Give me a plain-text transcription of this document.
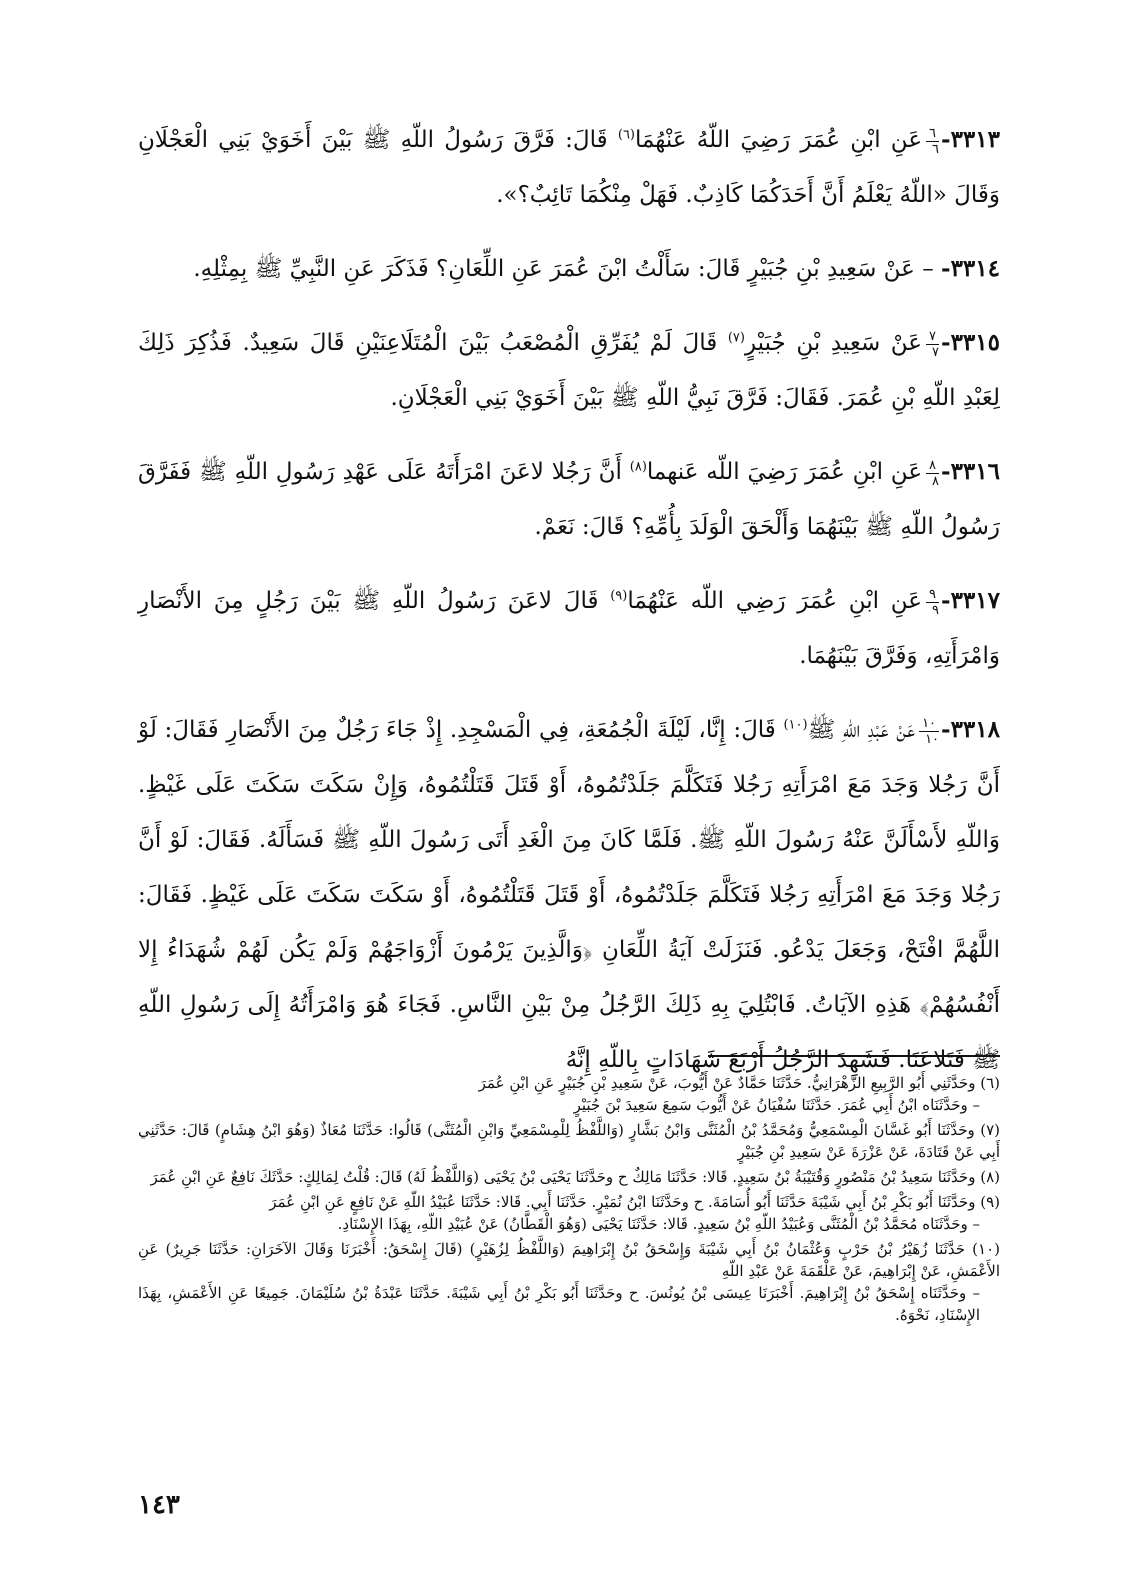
٣٣١٣-
$\frac{٦}{٦}$
عَنِ ابْنِ عُمَرَ رَضِيَ اللّهُ عَنْهُمَا$^{(٦)}$ قَالَ: فَرَّقَ رَسُولُ اللّهِ ﷺ بَيْنَ أَخَوَيْ بَنِي الْعَجْلَانِ وَقَالَ «اللّهُ يَعْلَمُ أَنَّ أَحَدَكُمَا كَاذِبٌ. فَهَلْ مِنْكُمَا تَائِبٌ؟».

٣٣١٤- – عَنْ سَعِيدِ بْنِ جُبَيْرٍ قَالَ: سَأَلْتُ ابْنَ عُمَرَ عَنِ اللِّعَانِ؟ فَذَكَرَ عَنِ النَّبِيِّ ﷺ بِمِثْلِهِ.

٣٣١٥-
$\frac{٧}{٧}$
عَنْ سَعِيدِ بْنِ جُبَيْرٍ$^{(٧)}$ قَالَ لَمْ يُفَرِّقِ الْمُصْعَبُ بَيْنَ الْمُتَلَاعِنَيْنِ قَالَ سَعِيدٌ. فَذُكِرَ ذَلِكَ لِعَبْدِ اللّهِ بْنِ عُمَرَ. فَقَالَ: فَرَّقَ نَبِيُّ اللّهِ ﷺ بَيْنَ أَخَوَيْ بَنِي الْعَجْلَانِ.

٣٣١٦-
$\frac{٨}{٨}$
عَنِ ابْنِ عُمَرَ رَضِيَ اللّه عَنهما$^{(٨)}$ أَنَّ رَجُلا لاعَنَ امْرَأَتَهُ عَلَى عَهْدِ رَسُولِ اللّهِ ﷺ فَفَرَّقَ رَسُولُ اللّهِ ﷺ بَيْنَهُمَا وَأَلْحَقَ الْوَلَدَ بِأُمِّهِ؟ قَالَ: نَعَمْ.

٣٣١٧-
$\frac{٩}{٩}$
عَنِ ابْنِ عُمَرَ رَضِي اللّه عَنْهُمَا$^{(٩)}$ قَالَ لاعَنَ رَسُولُ اللّهِ ﷺ بَيْنَ رَجُلٍ مِنَ الأَنْصَارِ وَامْرَأَتِهِ، وَفَرَّقَ بَيْنَهُمَا.

٣٣١٨-
$\frac{١٠}{١٠}$
عَنْ عَبْدِ اللّهِ ﷺ$^{(١٠)}$ قَالَ: إِنَّا، لَيْلَةَ الْجُمُعَةِ، فِي الْمَسْجِدِ. إِذْ جَاءَ رَجُلٌ مِنَ الأَنْصَارِ فَقَالَ: لَوْ أَنَّ رَجُلا وَجَدَ مَعَ امْرَأَتِهِ رَجُلا فَتَكَلَّمَ جَلَدْتُمُوهُ، أَوْ قَتَلَ قَتَلْتُمُوهُ، وَإِنْ سَكَتَ سَكَتَ عَلَى غَيْظٍ. وَاللّهِ لأَسْأَلَنَّ عَنْهُ رَسُولَ اللّهِ ﷺ. فَلَمَّا كَانَ مِنَ الْغَدِ أَتَى رَسُولَ اللّهِ ﷺ فَسَأَلَهُ. فَقَالَ: لَوْ أَنَّ رَجُلا وَجَدَ مَعَ امْرَأَتِهِ رَجُلا فَتَكَلَّمَ جَلَدْتُمُوهُ، أَوْ قَتَلَ قَتَلْتُمُوهُ، أَوْ سَكَتَ سَكَتَ عَلَى غَيْظٍ. فَقَالَ: اللَّهُمَّ افْتَحْ، وَجَعَلَ يَدْعُو. فَنَزَلَتْ آيَةُ اللِّعَانِ ﴿وَالَّذِينَ يَرْمُونَ أَزْوَاجَهُمْ وَلَمْ يَكُن لَهُمْ شُهَدَاءُ إِلا أَنْفُسُهُمْ﴾ هَذِهِ الآيَاتُ. فَابْتُلِيَ بِهِ ذَلِكَ الرَّجُلُ مِنْ بَيْنِ النَّاسِ. فَجَاءَ هُوَ وَامْرَأَتُهُ إِلَى رَسُولِ اللّهِ ﷺ فَتَلاعَنَا. فَشَهِدَ الرَّجُلُ أَرْبَعَ شَهَادَاتٍ بِاللّهِ إِنَّهُ

(٦) وحَدَّثَنِي أَبُو الرَّبِيعِ الزَّهْرَانِيُّ. حَدَّثَنَا حَمَّادٌ عَنْ أَيُّوبَ، عَنْ سَعِيدِ بْنِ جُبَيْرٍ عَنِ ابْنِ عُمَرَ
– وحَدَّثَنَاه ابْنُ أَبِي عُمَرَ. حَدَّثَنَا سُفْيَانُ عَنْ أَيُّوبَ سَمِعَ سَعِيدَ بْنَ جُبَيْرٍ

(٧) وحَدَّثَنَا أَبُو غَسَّانَ الْمِسْمَعِيُّ وَمُحَمَّدُ بْنُ الْمُثَنَّى وَابْنُ بَشَّارٍ (وَاللَّفْظُ لِلْمِسْمَعِيِّ وَابْنِ الْمُثَنَّى) قَالُوا: حَدَّثَنَا مُعَاذٌ (وَهُوَ ابْنُ هِشَامٍ) قَالَ: حَدَّثَنِي أَبِي عَنْ قَتَادَةَ، عَنْ عَزْرَةَ عَنْ سَعِيدِ بْنِ جُبَيْرٍ

(٨) وحَدَّثَنَا سَعِيدُ بْنُ مَنْصُورٍ وَقُتَيْبَةُ بْنُ سَعِيدٍ. قَالا: حَدَّثَنَا مَالِكٌ ح وحَدَّثَنَا يَحْيَى بْنُ يَحْيَى (وَاللَّفْظُ لَهُ) قَالَ: قُلْتُ لِمَالِكٍ: حَدَّثَكَ نَافِعٌ عَنِ ابْنِ عُمَرَ

(٩) وحَدَّثَنَا أَبُو بَكْرِ بْنُ أَبِي شَيْبَةَ حَدَّثَنَا أَبُو أُسَامَةَ. ح وحَدَّثَنَا ابْنُ نُمَيْرٍ. حَدَّثَنَا أَبِي. قَالا: حَدَّثَنَا عُبَيْدُ اللّهِ عَنْ نَافِعٍ عَنِ ابْنِ عُمَرَ
– وحَدَّثَنَاه مُحَمَّدُ بْنُ الْمُثَنَّى وَعُبَيْدُ اللّهِ بْنُ سَعِيدٍ. قَالا: حَدَّثَنَا يَحْيَى (وَهُوَ الْقَطَّانُ) عَنْ عُبَيْدِ اللّهِ، بِهَذَا الإِسْنَادِ.

(١٠) حَدَّثَنَا زُهَيْرُ بْنُ حَرْبٍ وَعُثْمَانُ بْنُ أَبِي شَيْبَةَ وَإِسْحَقُ بْنُ إِبْرَاهِيمَ (وَاللَّفْظُ لِزُهَيْرٍ) (قَالَ إِسْحَقُ: أَخْبَرَنَا وَقَالَ الآخَرَانِ: حَدَّثَنَا جَرِيرٌ) عَنِ الأَعْمَشِ، عَنْ إِبْرَاهِيمَ، عَنْ عَلْقَمَةَ عَنْ عَبْدِ اللّهِ
– وحَدَّثَنَاه إِسْحَقُ بْنُ إِبْرَاهِيمَ. أَخْبَرَنَا عِيسَى بْنُ يُونُسَ. ح وحَدَّثَنَا أَبُو بَكْرِ بْنُ أَبِي شَيْبَةَ. حَدَّثَنَا عَبْدَةُ بْنُ سُلَيْمَانَ. جَمِيعًا عَنِ الأَعْمَشِ، بِهَذَا الإِسْنَادِ، نَحْوَهُ.

١٤٣
